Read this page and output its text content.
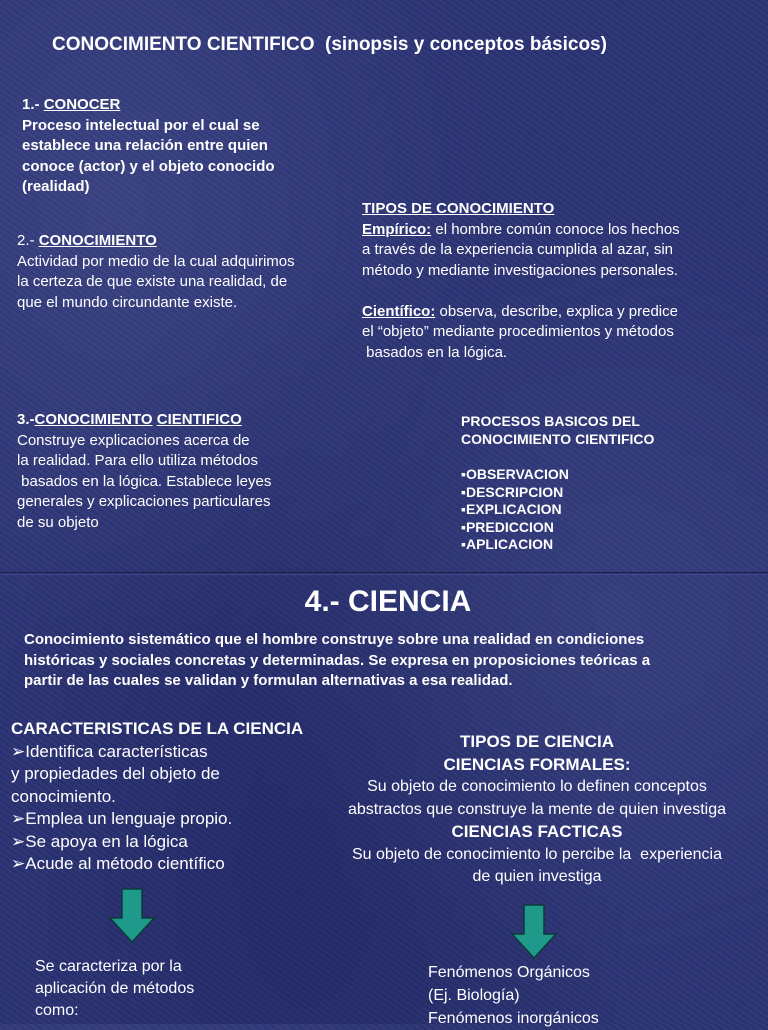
CONOCIMIENTO CIENTIFICO  (sinopsis y conceptos básicos)
1.- CONOCER
Proceso intelectual por el cual se
establece una relación entre quien
conoce (actor) y el objeto conocido
(realidad)
2.- CONOCIMIENTO
Actividad por medio de la cual adquirimos
la certeza de que existe una realidad, de
que el mundo circundante existe.
TIPOS DE CONOCIMIENTO
Empírico: el hombre común conoce los hechos
a través de la experiencia cumplida al azar, sin
método y mediante investigaciones personales.
Científico: observa, describe, explica y predice
el “objeto” mediante procedimientos y métodos
basados en la lógica.
3.-CONOCIMIENTO CIENTIFICO
Construye explicaciones acerca de
la realidad. Para ello utiliza métodos
basados en la lógica. Establece leyes
generales y explicaciones particulares
de su objeto
PROCESOS BASICOS DEL
CONOCIMIENTO CIENTIFICO
▪OBSERVACION
▪DESCRIPCION
▪EXPLICACION
▪PREDICCION
▪APLICACION
4.- CIENCIA
Conocimiento sistemático que el hombre construye sobre una realidad en condiciones
históricas y sociales concretas y determinadas. Se expresa en proposiciones teóricas a
partir de las cuales se validan y formulan alternativas a esa realidad.
CARACTERISTICAS DE LA CIENCIA
➢Identifica características
y propiedades del objeto de
conocimiento.
➢Emplea un lenguaje propio.
➢Se apoya en la lógica
➢Acude al método científico
Se caracteriza por la
aplicación de métodos
como:
TIPOS DE CIENCIA
CIENCIAS FORMALES:
Su objeto de conocimiento lo definen conceptos
abstractos que construye la mente de quien investiga
CIENCIAS FACTICAS
Su objeto de conocimiento lo percibe la  experiencia
de quien investiga
Fenómenos Orgánicos
(Ej. Biología)
Fenómenos inorgánicos
